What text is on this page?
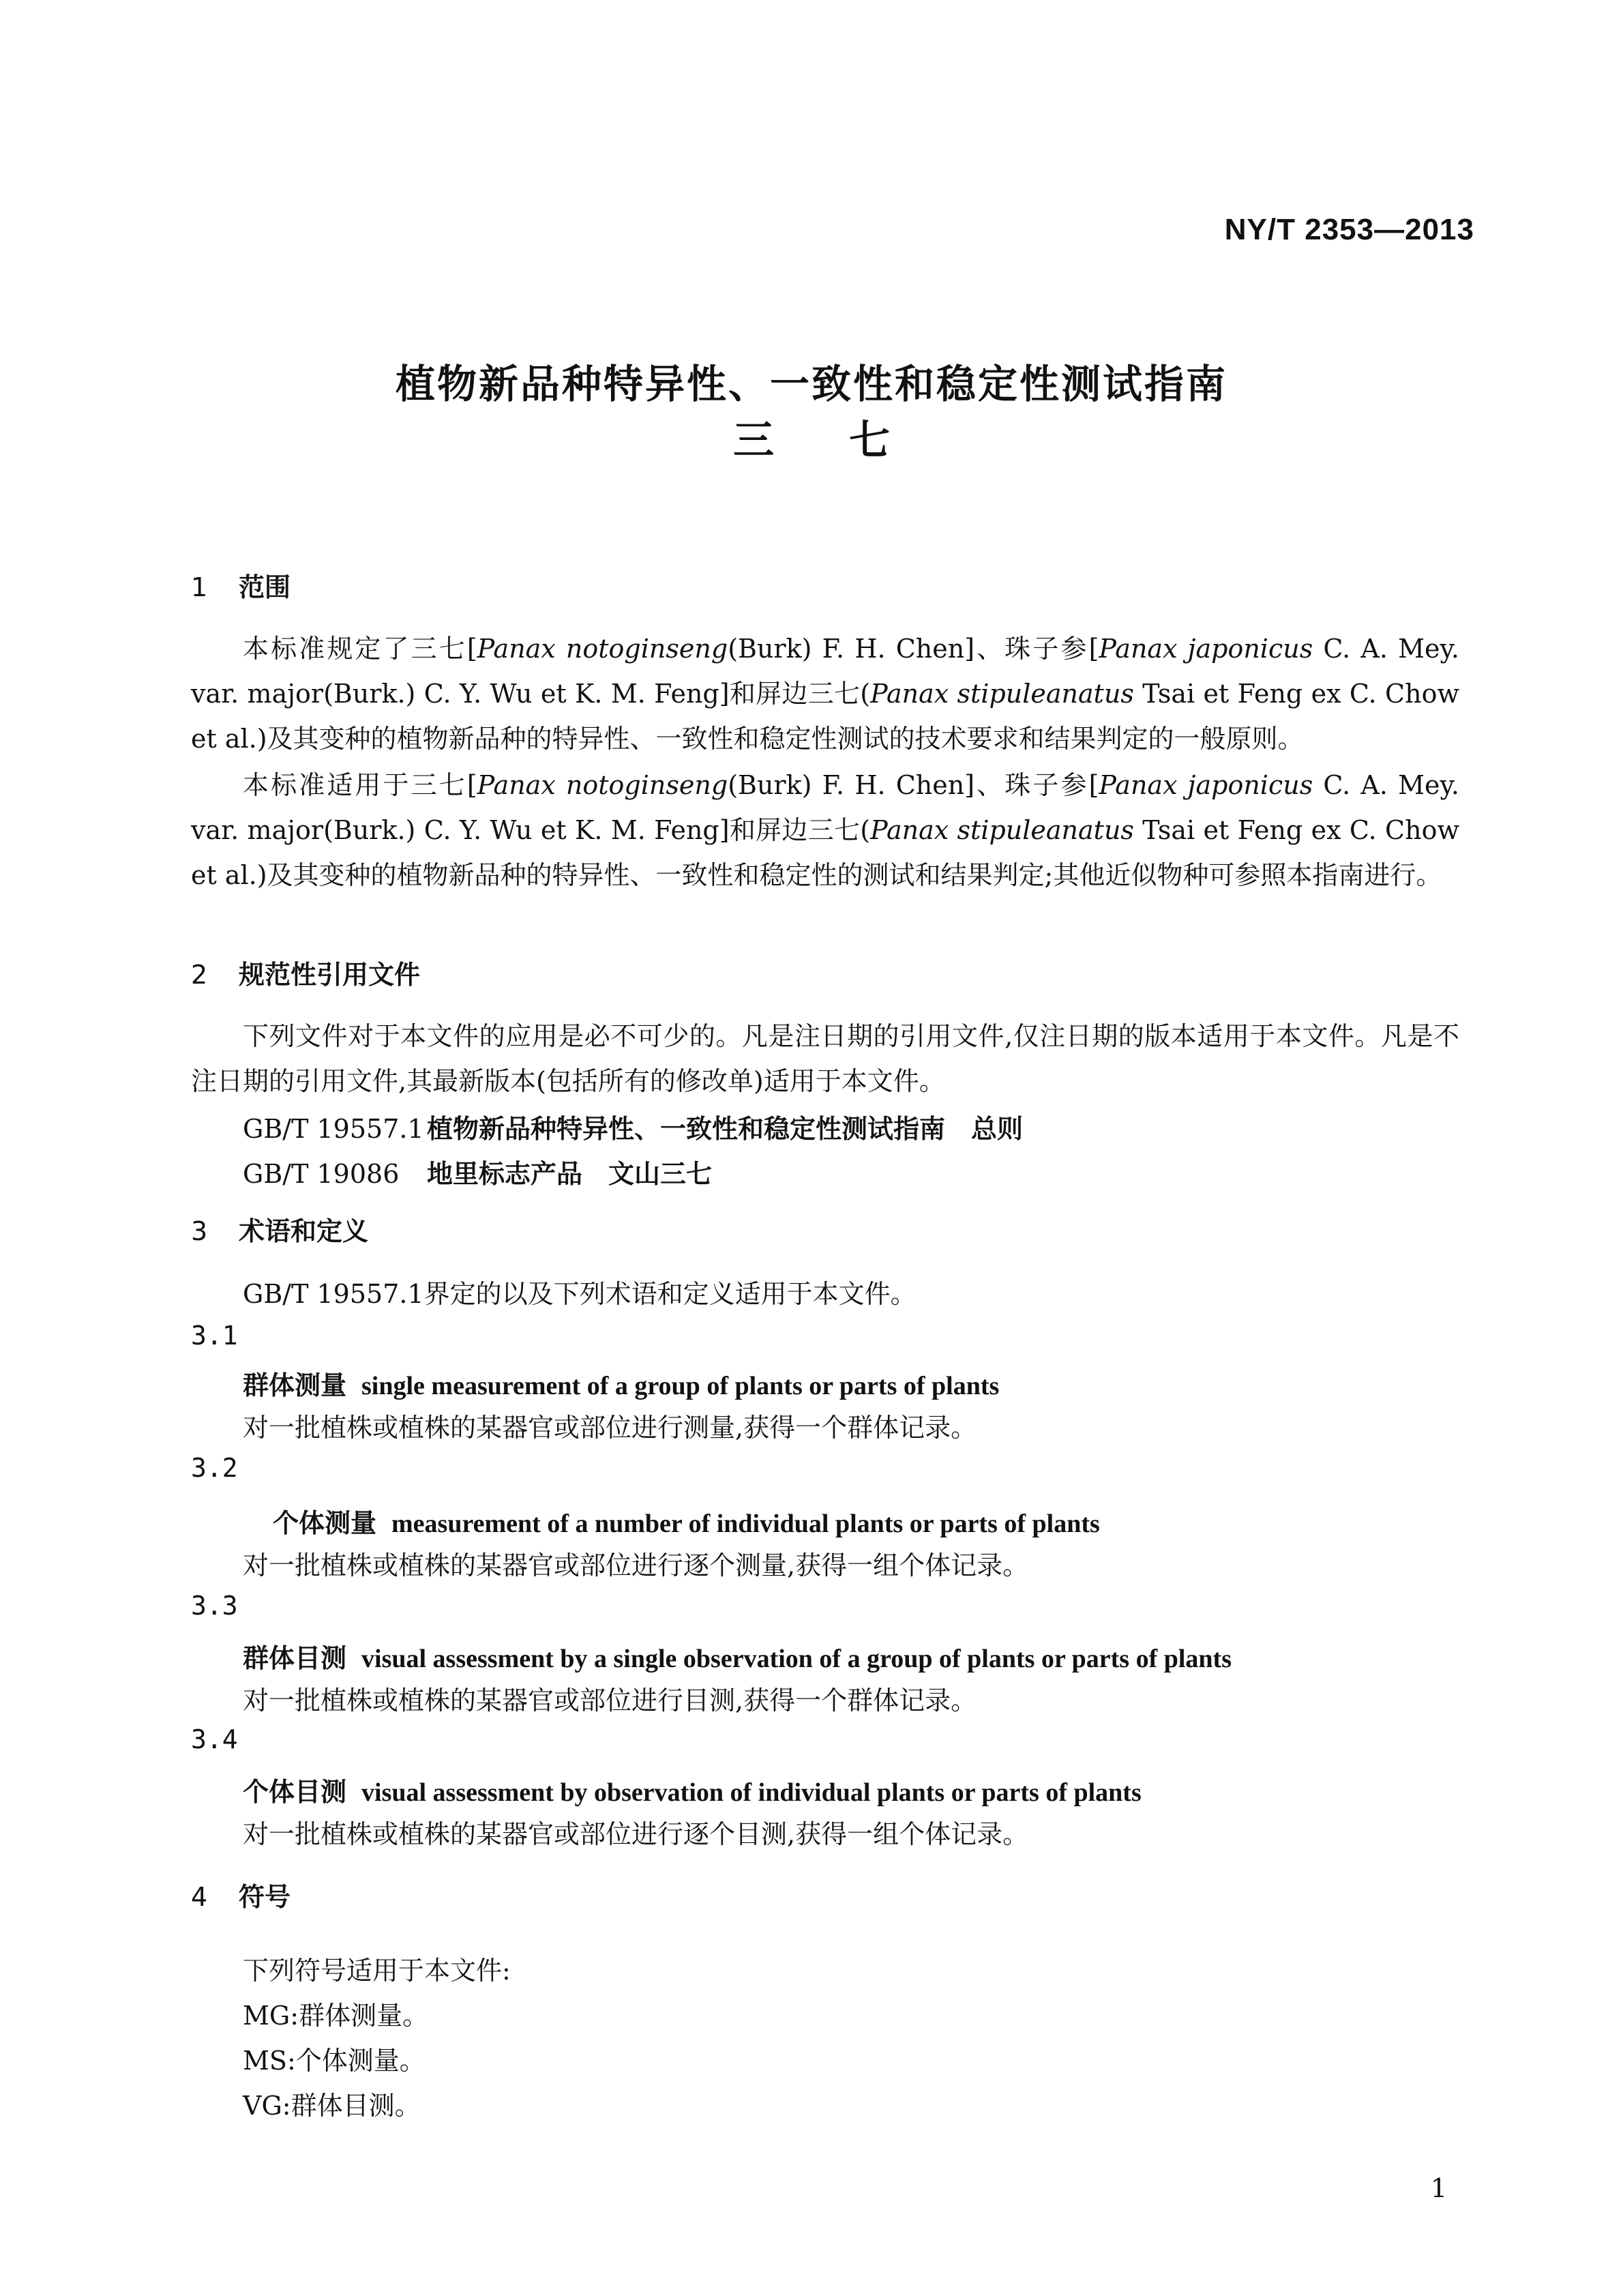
NY/T 2353—2013
植物新品种特异性、一致性和稳定性测试指南
三七
1 范围
本标准规定了三七[Panax notoginseng(Burk) F. H. Chen]、珠子参[Panax japonicus C. A. Mey. var. major(Burk.) C. Y. Wu et K. M. Feng]和屏边三七(Panax stipuleanatus Tsai et Feng ex C. Chow et al.)及其变种的植物新品种的特异性、一致性和稳定性测试的技术要求和结果判定的一般原则。
本标准适用于三七[Panax notoginseng(Burk) F. H. Chen]、珠子参[Panax japonicus C. A. Mey. var. major(Burk.) C. Y. Wu et K. M. Feng]和屏边三七(Panax stipuleanatus Tsai et Feng ex C. Chow et al.)及其变种的植物新品种的特异性、一致性和稳定性的测试和结果判定;其他近似物种可参照本指南进行。
2 规范性引用文件
下列文件对于本文件的应用是必不可少的。凡是注日期的引用文件,仅注日期的版本适用于本文件。凡是不注日期的引用文件,其最新版本(包括所有的修改单)适用于本文件。
GB/T 19557.1 植物新品种特异性、一致性和稳定性测试指南　总则
GB/T 19086 地里标志产品　文山三七
3 术语和定义
GB/T 19557.1界定的以及下列术语和定义适用于本文件。
3.1
群体测量 single measurement of a group of plants or parts of plants
对一批植株或植株的某器官或部位进行测量,获得一个群体记录。
3.2
个体测量 measurement of a number of individual plants or parts of plants
对一批植株或植株的某器官或部位进行逐个测量,获得一组个体记录。
3.3
群体目测 visual assessment by a single observation of a group of plants or parts of plants
对一批植株或植株的某器官或部位进行目测,获得一个群体记录。
3.4
个体目测 visual assessment by observation of individual plants or parts of plants
对一批植株或植株的某器官或部位进行逐个目测,获得一组个体记录。
4 符号
下列符号适用于本文件:
MG:群体测量。
MS:个体测量。
VG:群体目测。
1
